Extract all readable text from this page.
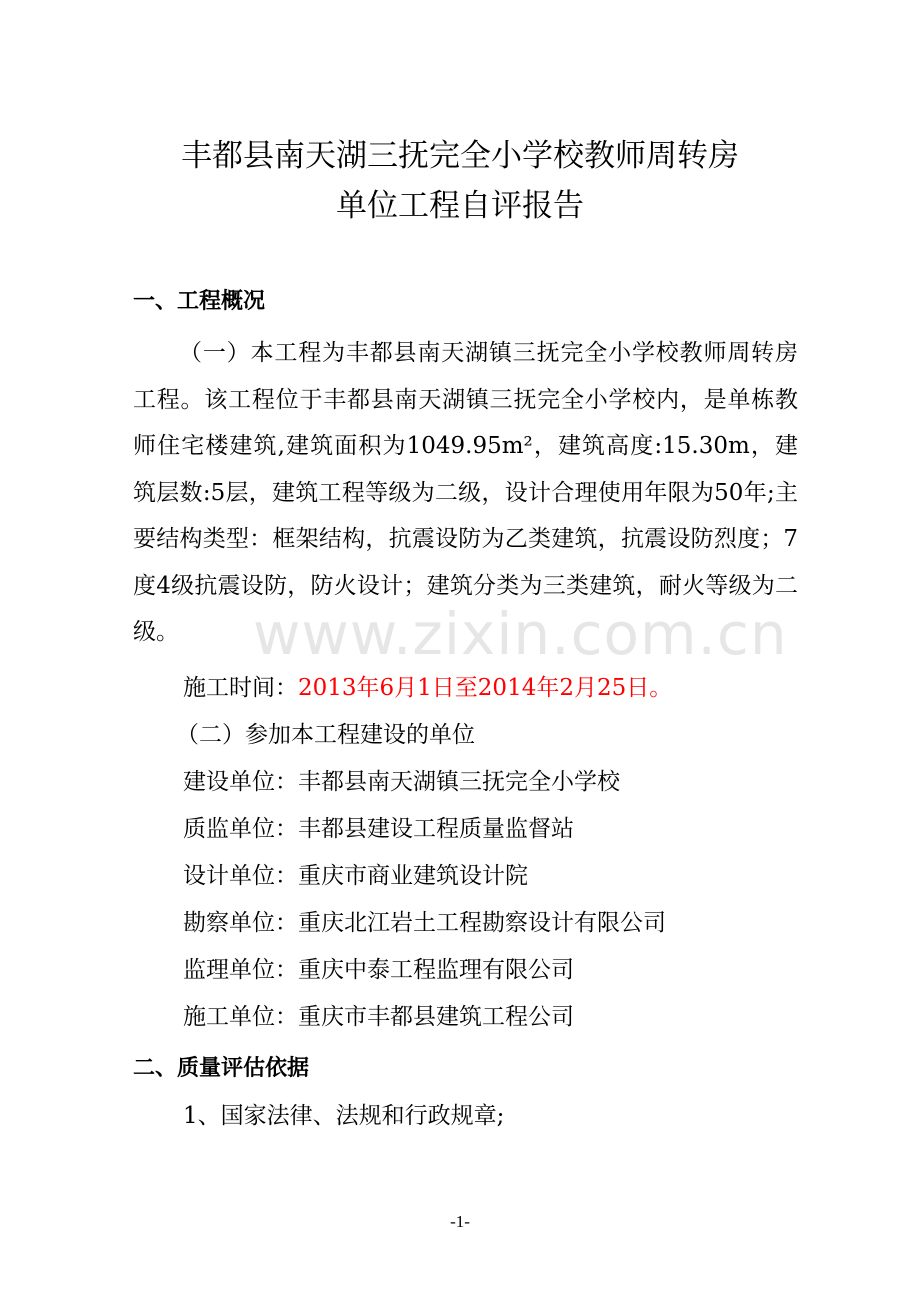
丰都县南天湖三抚完全小学校教师周转房
单位工程自评报告
一、工程概况
（一）本工程为丰都县南天湖镇三抚完全小学校教师周转房工程。该工程位于丰都县南天湖镇三抚完全小学校内，是单栋教师住宅楼建筑,建筑面积为1049.95m²，建筑高度:15.30m，建筑层数:5层，建筑工程等级为二级，设计合理使用年限为50年;主要结构类型：框架结构，抗震设防为乙类建筑，抗震设防烈度；7度4级抗震设防，防火设计；建筑分类为三类建筑，耐火等级为二级。
施工时间：2013年6月1日至2014年2月25日。
（二）参加本工程建设的单位
建设单位：丰都县南天湖镇三抚完全小学校
质监单位：丰都县建设工程质量监督站
设计单位：重庆市商业建筑设计院
勘察单位：重庆北江岩土工程勘察设计有限公司
监理单位：重庆中泰工程监理有限公司
施工单位：重庆市丰都县建筑工程公司
二、质量评估依据
1、国家法律、法规和行政规章;
www.zixin.com.cn
-1-
